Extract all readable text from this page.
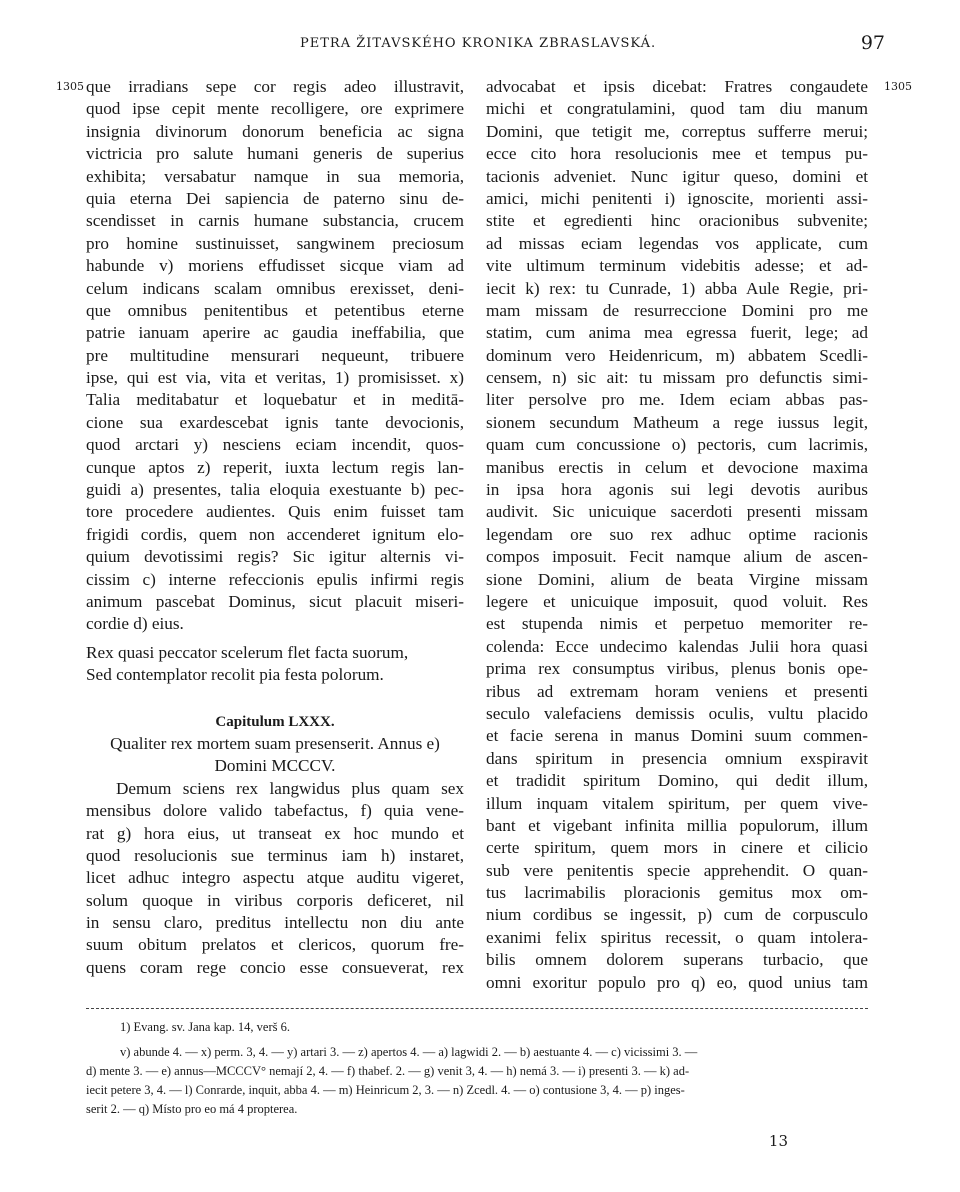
PETRA ŽITAVSKÉHO KRONIKA ZBRASLAVSKÁ.	97
1305	1305
que irradians sepe cor regis adeo illustravit,
quod ipse cepit mente recolligere, ore exprimere
insignia divinorum donorum beneficia ac signa
victricia pro salute humani generis de superius
exhibita; versabatur namque in sua memoria,
quia eterna Dei sapiencia de paterno sinu de-
scendisset in carnis humane substancia, crucem
pro homine sustinuisset, sangwinem preciosum
habunde v) moriens effudisset sicque viam ad
celum indicans scalam omnibus erexisset, deni-
que omnibus penitentibus et petentibus eterne
patrie ianuam aperire ac gaudia ineffabilia, que
pre multitudine mensurari nequeunt, tribuere
ipse, qui est via, vita et veritas, 1) promisisset. x)
Talia meditabatur et loquebatur et in meditā-
cione sua exardescebat ignis tante devocionis,
quod arctari y) nesciens eciam incendit, quos-
cunque aptos z) reperit, iuxta lectum regis lan-
guidi a) presentes, talia eloquia exestuante b) pec-
tore procedere audientes. Quis enim fuisset tam
frigidi cordis, quem non accenderet ignitum elo-
quium devotissimi regis? Sic igitur alternis vi-
cissim c) interne refeccionis epulis infirmi regis
animum pascebat Dominus, sicut placuit miseri-
cordie d) eius.
Rex quasi peccator scelerum flet facta suorum,
Sed contemplator recolit pia festa polorum.
Capitulum LXXX.
Qualiter rex mortem suam presenserit. Annus e)
Domini MCCCV.
Demum sciens rex langwidus plus quam sex
mensibus dolore valido tabefactus, f) quia vene-
rat g) hora eius, ut transeat ex hoc mundo et
quod resolucionis sue terminus iam h) instaret,
licet adhuc integro aspectu atque auditu vigeret,
solum quoque in viribus corporis deficeret, nil
in sensu claro, preditus intellectu non diu ante
suum obitum prelatos et clericos, quorum fre-
quens coram rege concio esse consueverat, rex
advocabat et ipsis dicebat: Fratres congaudete
michi et congratulamini, quod tam diu manum
Domini, que tetigit me, correptus sufferre merui;
ecce cito hora resolucionis mee et tempus pu-
tacionis adveniet. Nunc igitur queso, domini et
amici, michi penitenti i) ignoscite, morienti assi-
stite et egredienti hinc oracionibus subvenite;
ad missas eciam legendas vos applicate, cum
vite ultimum terminum videbitis adesse; et ad-
iecit k) rex: tu Cunrade, 1) abba Aule Regie, pri-
mam missam de resurreccione Domini pro me
statim, cum anima mea egressa fuerit, lege; ad
dominum vero Heidenricum, m) abbatem Scedli-
censem, n) sic ait: tu missam pro defunctis simi-
liter persolve pro me. Idem eciam abbas pas-
sionem secundum Matheum a rege iussus legit,
quam cum concussione o) pectoris, cum lacrimis,
manibus erectis in celum et devocione maxima
in ipsa hora agonis sui legi devotis auribus
audivit. Sic unicuique sacerdoti presenti missam
legendam ore suo rex adhuc optime racionis
compos imposuit. Fecit namque alium de ascen-
sione Domini, alium de beata Virgine missam
legere et unicuique imposuit, quod voluit. Res
est stupenda nimis et perpetuo memoriter re-
colenda: Ecce undecimo kalendas Julii hora quasi
prima rex consumptus viribus, plenus bonis ope-
ribus ad extremam horam veniens et presenti
seculo valefaciens demissis oculis, vultu placido
et facie serena in manus Domini suum commen-
dans spiritum in presencia omnium exspiravit
et tradidit spiritum Domino, qui dedit illum,
illum inquam vitalem spiritum, per quem vive-
bant et vigebant infinita millia populorum, illum
certe spiritum, quem mors in cinere et cilicio
sub vere penitentis specie apprehendit. O quan-
tus lacrimabilis ploracionis gemitus mox om-
nium cordibus se ingessit, p) cum de corpusculo
exanimi felix spiritus recessit, o quam intolera-
bilis omnem dolorem superans turbacio, que
omni exoritur populo pro q) eo, quod unius tam
1) Evang. sv. Jana kap. 14, verš 6.
v) abunde 4. — x) perm. 3, 4. — y) artari 3. — z) apertos 4. — a) lagwidi 2. — b) aestuante 4. — c) vicissimi 3. —
d) mente 3. — e) annus—MCCCV° nemají 2, 4. — f) thabef. 2. — g) venit 3, 4. — h) nemá 3. — i) presenti 3. — k) ad-
iecit petere 3, 4. — l) Conrarde, inquit, abba 4. — m) Heinricum 2, 3. — n) Zcedl. 4. — o) contusione 3, 4. — p) inges-
serit 2. — q) Místo pro eo má 4 propterea.
13
